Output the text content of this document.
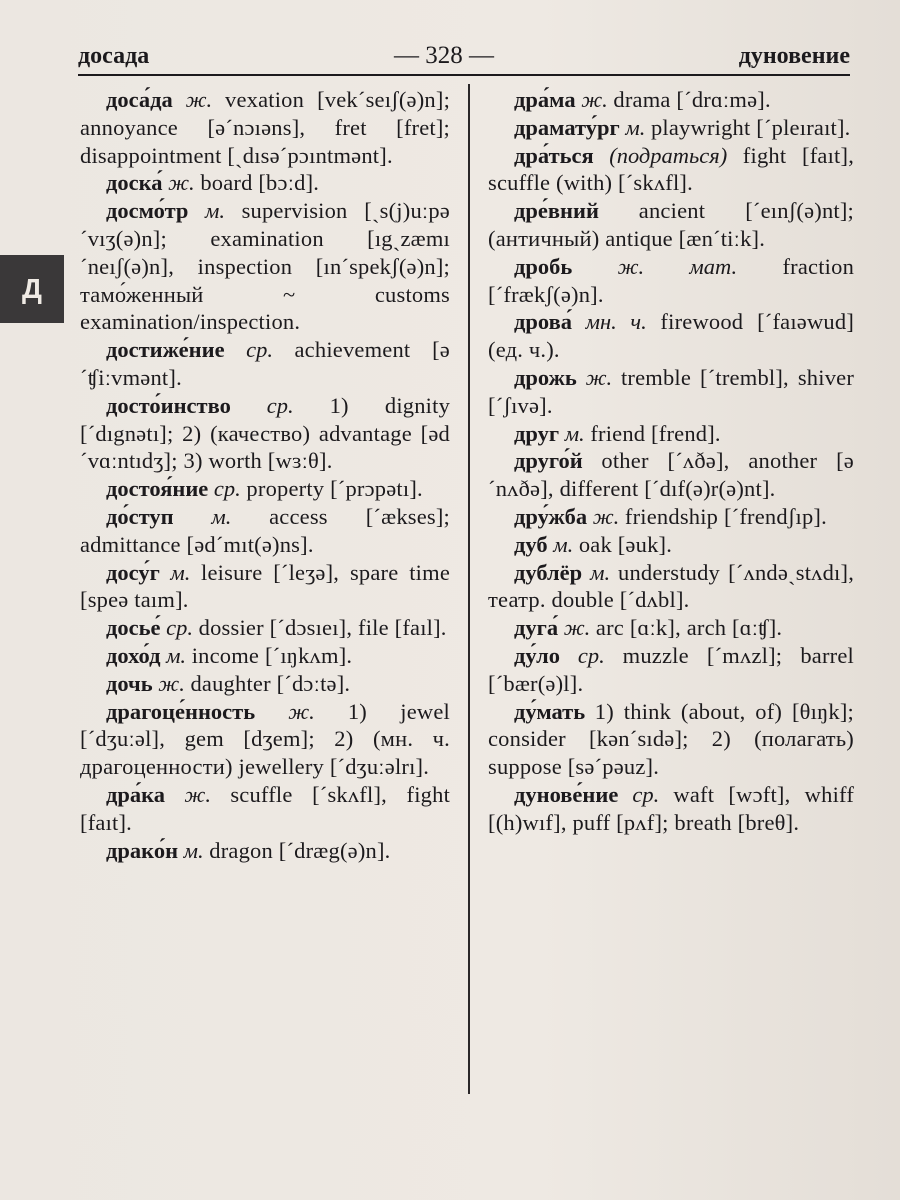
досада	— 328 —	дуновение
Д

доса́да ж. vexation [vek´seıʃ(ə)n]; annoyance [ə´nɔıəns], fret [fret]; disappointment [ˏdısə´pɔıntmənt].

доска́ ж. board [bɔːd].

досмо́тр м. supervision [ˏs(j)uːpə´vıʒ(ə)n]; examination [ıgˏzæmı´neıʃ(ə)n], inspection [ın´spekʃ(ə)n]; тамо́женный ~ customs examination/inspection.

достиже́ние ср. achievement [ə´ʧiːvmənt].

досто́инство ср. 1) dignity [´dıgnətı]; 2) (качество) advantage [əd´vɑːntıdʒ]; 3) worth [wɜːθ].

достоя́ние ср. property [´prɔpətı].

до́ступ м. access [´ækses]; admittance [əd´mıt(ə)ns].

досу́г м. leisure [´leʒə], spare time [speə taım].

досье́ ср. dossier [´dɔsıeı], file [faıl].

дохо́д м. income [´ıŋkʌm].

дочь ж. daughter [´dɔːtə].

драгоце́нность ж. 1) jewel [´dʒuːəl], gem [dʒem]; 2) (мн. ч. драгоценности) jewellery [´dʒuːəlrı].

дра́ка ж. scuffle [´skʌfl], fight [faıt].

драко́н м. dragon [´dræg(ə)n].

дра́ма ж. drama [´drɑːmə].

драмату́рг м. playwright [´pleıraıt].

дра́ться (подраться) fight [faıt], scuffle (with) [´skʌfl].

дре́вний ancient [´eınʃ(ə)nt]; (античный) antique [æn´tiːk].

дробь ж. мат. fraction [´frækʃ(ə)n].

дрова́ мн. ч. firewood [´faıəwud] (ед. ч.).

дрожь ж. tremble [´trembl], shiver [´ʃıvə].

друг м. friend [frend].

друго́й other [´ʌðə], another [ə´nʌðə], different [´dıf(ə)r(ə)nt].

дру́жба ж. friendship [´frendʃıp].

дуб м. oak [əuk].

дублёр м. understudy [´ʌndəˏstʌdı], театр. double [´dʌbl].

дуга́ ж. arc [ɑːk], arch [ɑːʧ].

ду́ло ср. muzzle [´mʌzl]; barrel [´bær(ə)l].

ду́мать 1) think (about, of) [θıŋk]; consider [kən´sıdə]; 2) (полагать) suppose [sə´pəuz].

дунове́ние ср. waft [wɔft], whiff [(h)wıf], puff [pʌf]; breath [breθ].
